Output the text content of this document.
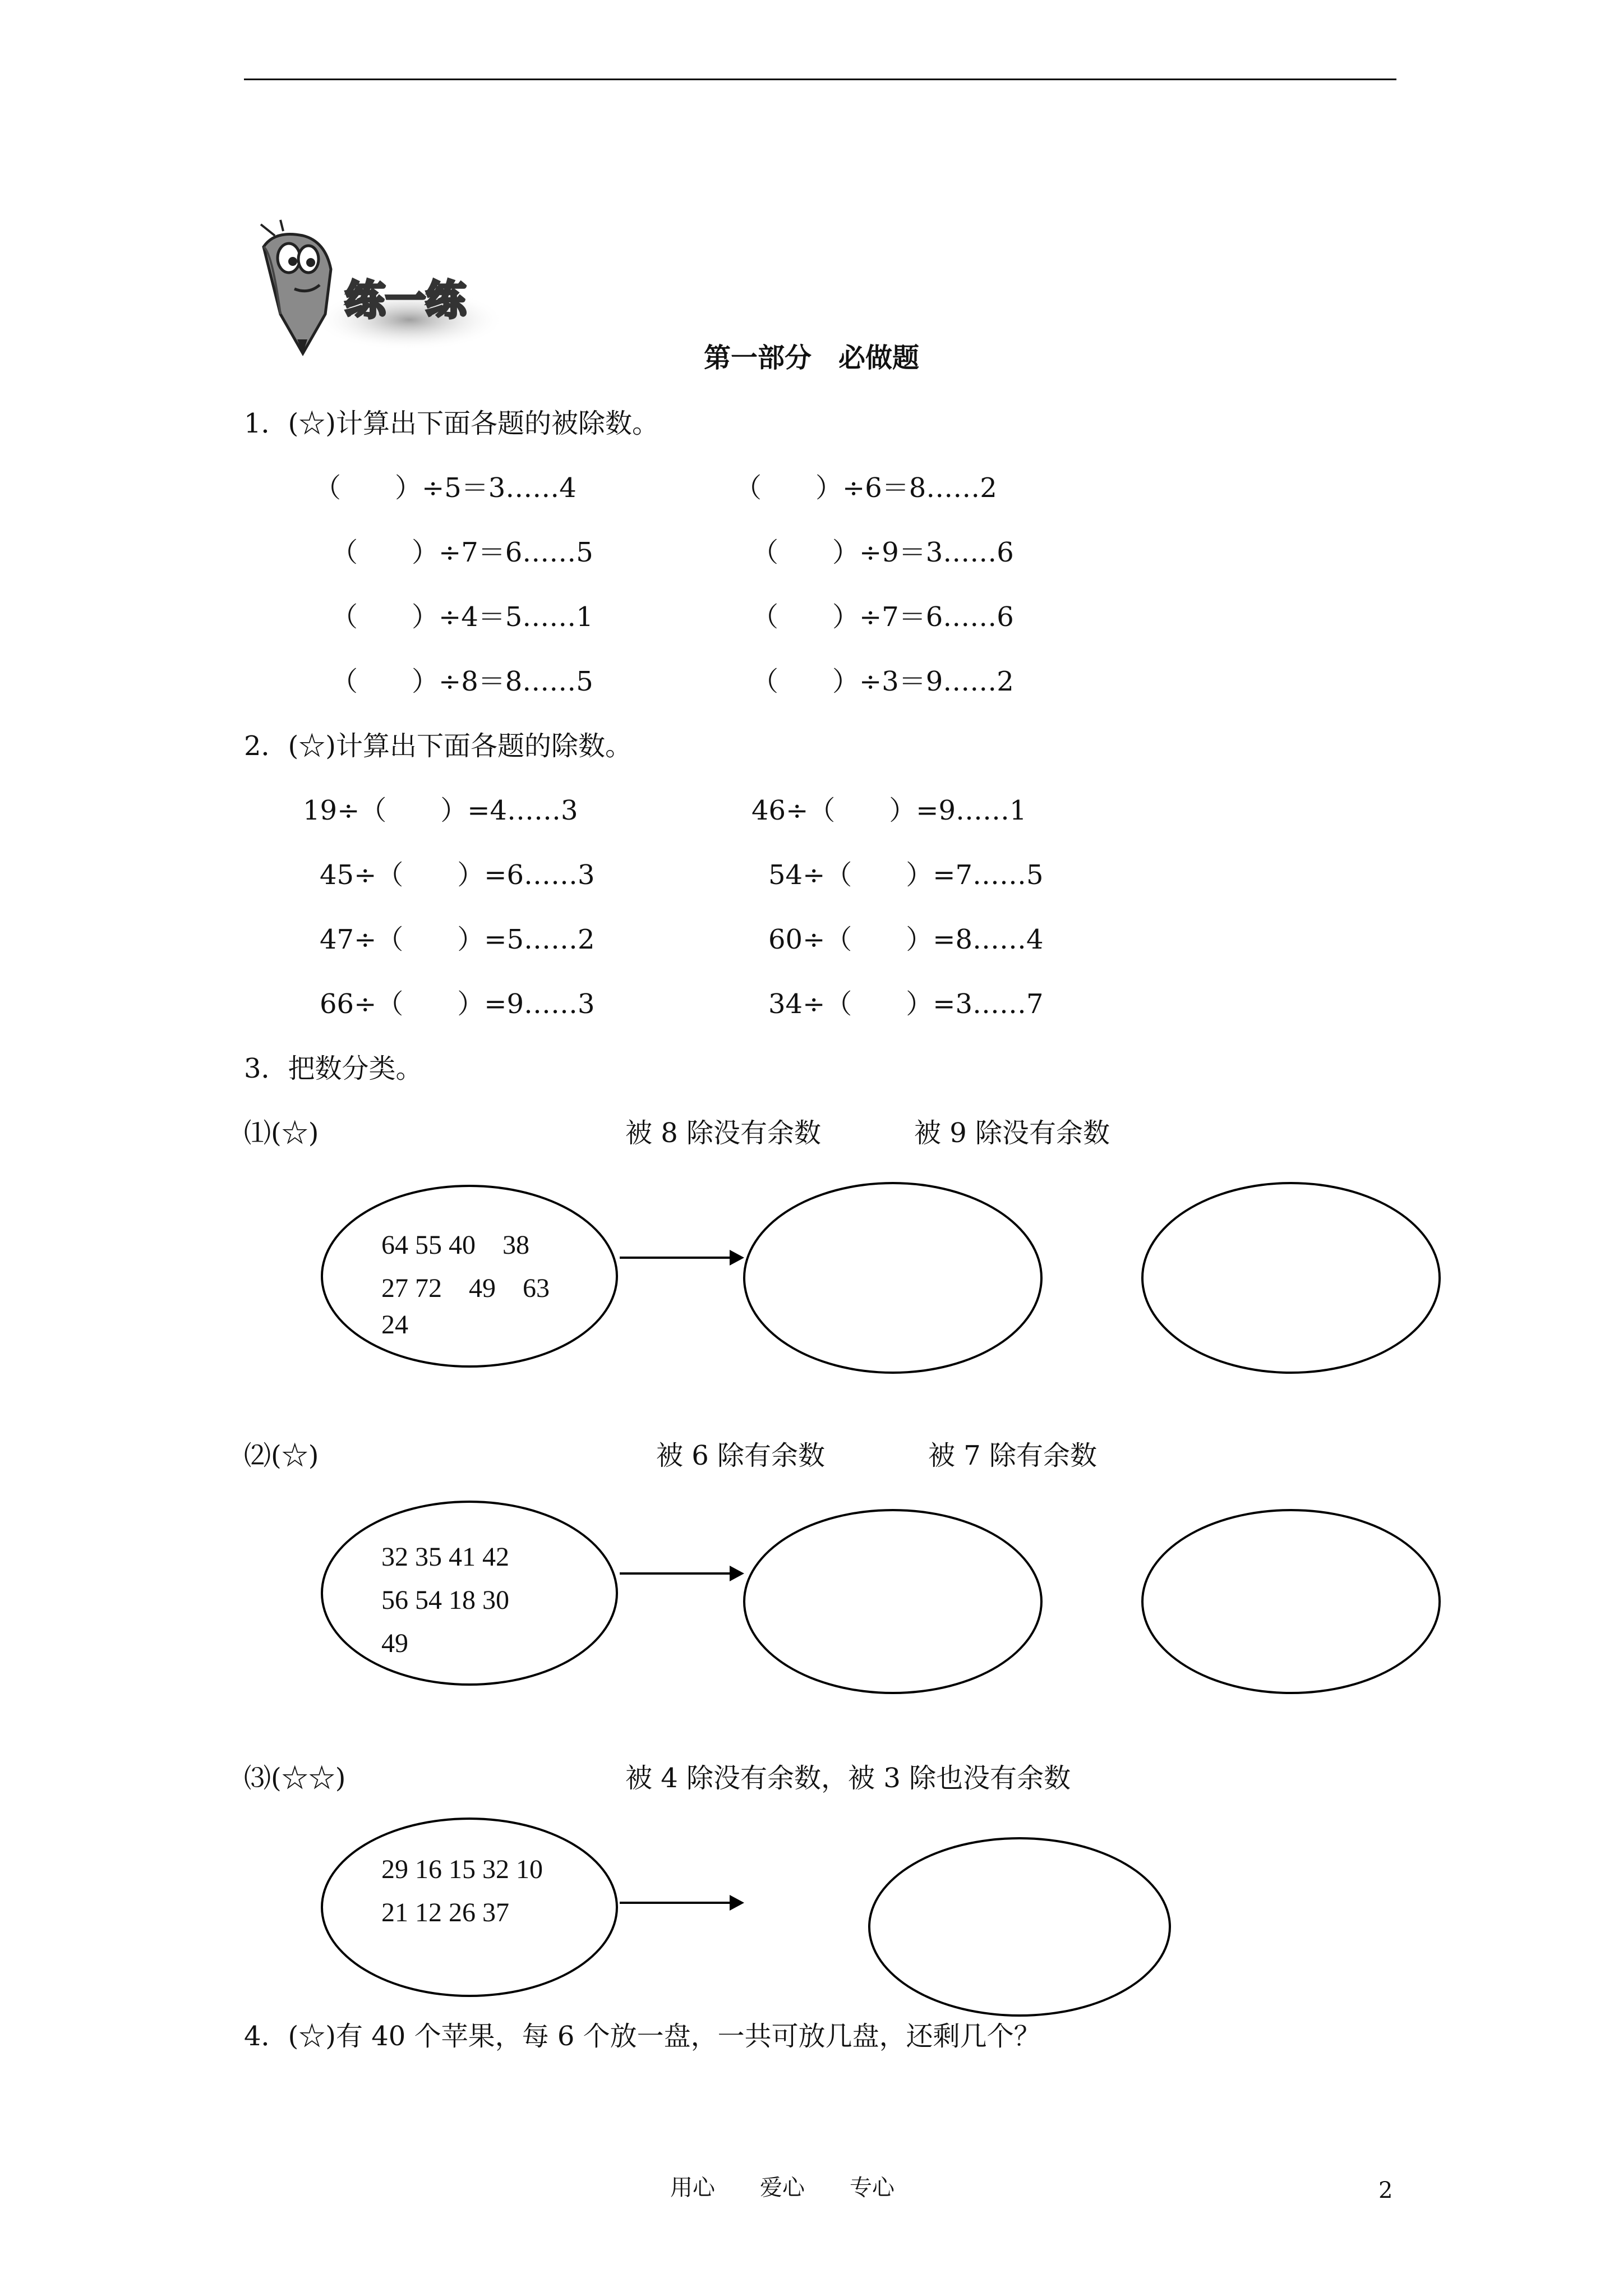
练一练
第一部分　必做题
1．(☆)计算出下面各题的被除数。
（　　）÷5＝3……4	（　　）÷6＝8……2
（　　）÷7＝6……5	（　　）÷9＝3……6
（　　）÷4＝5……1	（　　）÷7＝6……6
（　　）÷8＝8……5	（　　）÷3＝9……2
2．(☆)计算出下面各题的除数。
19÷（　　）=4……3	46÷（　　）=9……1
45÷（　　）=6……3	54÷（　　）=7……5
47÷（　　）=5……2	60÷（　　）=8……4
66÷（　　）=9……3	34÷（　　）=3……7
3．把数分类。
⑴(☆)	被 8 除没有余数	被 9 除没有余数
64 55 40　38
27 72　49　63
24
⑵(☆)	被 6 除有余数	被 7 除有余数
32 35 41 42
56 54 18 30
49
⑶(☆☆)	被 4 除没有余数，被 3 除也没有余数
29 16 15 32 10
21 12 26 37
4．(☆)有 40 个苹果，每 6 个放一盘，一共可放几盘，还剩几个？
用心　　爱心　　专心	2
